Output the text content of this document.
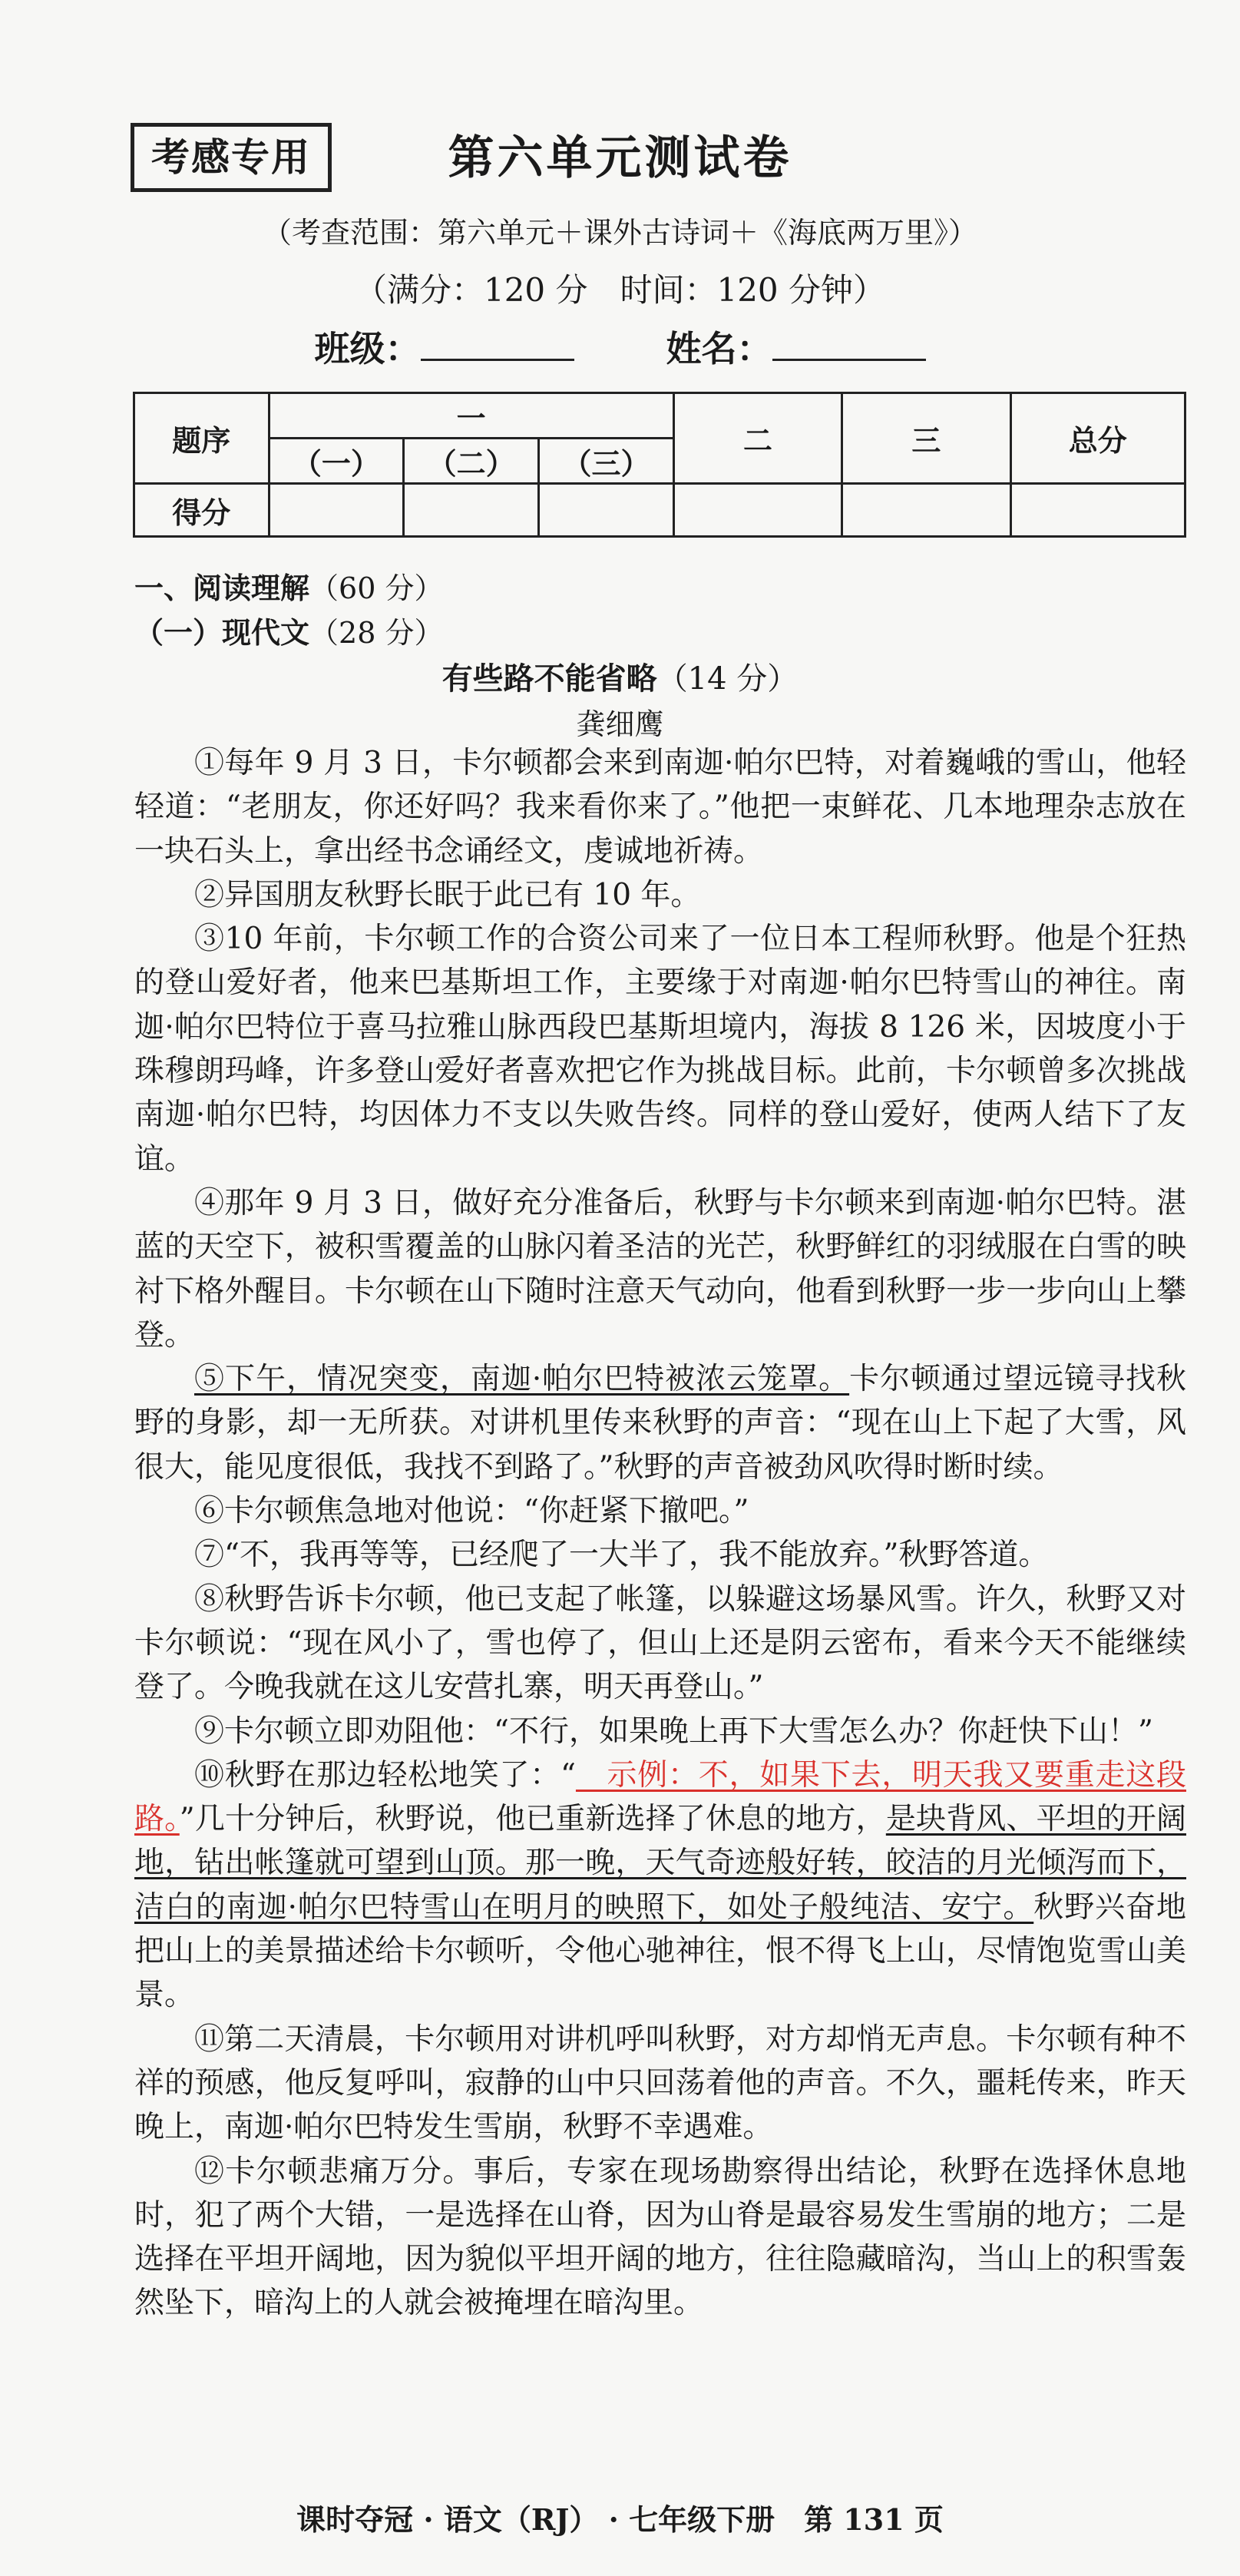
考感专用	第六单元测试卷
（考查范围：第六单元＋课外古诗词＋《海底两万里》）
（满分：120 分　时间：120 分钟）
班级：	姓名：
题序	一			二	三	总分
	（一）	（二）	（三）			
得分						
一、阅读理解（60 分）
（一）现代文（28 分）
有些路不能省略（14 分）
龚细鹰

①每年 9 月 3 日，卡尔顿都会来到南迦·帕尔巴特，对着巍峨的雪山，他轻轻道：“老朋友，你还好吗？我来看你来了。”他把一束鲜花、几本地理杂志放在一块石头上，拿出经书念诵经文，虔诚地祈祷。

②异国朋友秋野长眠于此已有 10 年。

③10 年前，卡尔顿工作的合资公司来了一位日本工程师秋野。他是个狂热的登山爱好者，他来巴基斯坦工作，主要缘于对南迦·帕尔巴特雪山的神往。南迦·帕尔巴特位于喜马拉雅山脉西段巴基斯坦境内，海拔 8 126 米，因坡度小于珠穆朗玛峰，许多登山爱好者喜欢把它作为挑战目标。此前，卡尔顿曾多次挑战南迦·帕尔巴特，均因体力不支以失败告终。同样的登山爱好，使两人结下了友谊。

④那年 9 月 3 日，做好充分准备后，秋野与卡尔顿来到南迦·帕尔巴特。湛蓝的天空下，被积雪覆盖的山脉闪着圣洁的光芒，秋野鲜红的羽绒服在白雪的映衬下格外醒目。卡尔顿在山下随时注意天气动向，他看到秋野一步一步向山上攀登。

⑤下午，情况突变，南迦·帕尔巴特被浓云笼罩。卡尔顿通过望远镜寻找秋野的身影，却一无所获。对讲机里传来秋野的声音：“现在山上下起了大雪，风很大，能见度很低，我找不到路了。”秋野的声音被劲风吹得时断时续。

⑥卡尔顿焦急地对他说：“你赶紧下撤吧。”

⑦“不，我再等等，已经爬了一大半了，我不能放弃。”秋野答道。

⑧秋野告诉卡尔顿，他已支起了帐篷，以躲避这场暴风雪。许久，秋野又对卡尔顿说：“现在风小了，雪也停了，但山上还是阴云密布，看来今天不能继续登了。今晚我就在这儿安营扎寨，明天再登山。”

⑨卡尔顿立即劝阻他：“不行，如果晚上再下大雪怎么办？你赶快下山！”

⑩秋野在那边轻松地笑了：“　示例：不，如果下去，明天我又要重走这段路。”几十分钟后，秋野说，他已重新选择了休息的地方，是块背风、平坦的开阔地，钻出帐篷就可望到山顶。那一晚，天气奇迹般好转，皎洁的月光倾泻而下，洁白的南迦·帕尔巴特雪山在明月的映照下，如处子般纯洁、安宁。秋野兴奋地把山上的美景描述给卡尔顿听，令他心驰神往，恨不得飞上山，尽情饱览雪山美景。

⑪第二天清晨，卡尔顿用对讲机呼叫秋野，对方却悄无声息。卡尔顿有种不祥的预感，他反复呼叫，寂静的山中只回荡着他的声音。不久，噩耗传来，昨天晚上，南迦·帕尔巴特发生雪崩，秋野不幸遇难。

⑫卡尔顿悲痛万分。事后，专家在现场勘察得出结论，秋野在选择休息地时，犯了两个大错，一是选择在山脊，因为山脊是最容易发生雪崩的地方；二是选择在平坦开阔地，因为貌似平坦开阔的地方，往往隐藏暗沟，当山上的积雪轰然坠下，暗沟上的人就会被掩埋在暗沟里。

课时夺冠 · 语文（RJ） · 七年级下册　第 131 页
